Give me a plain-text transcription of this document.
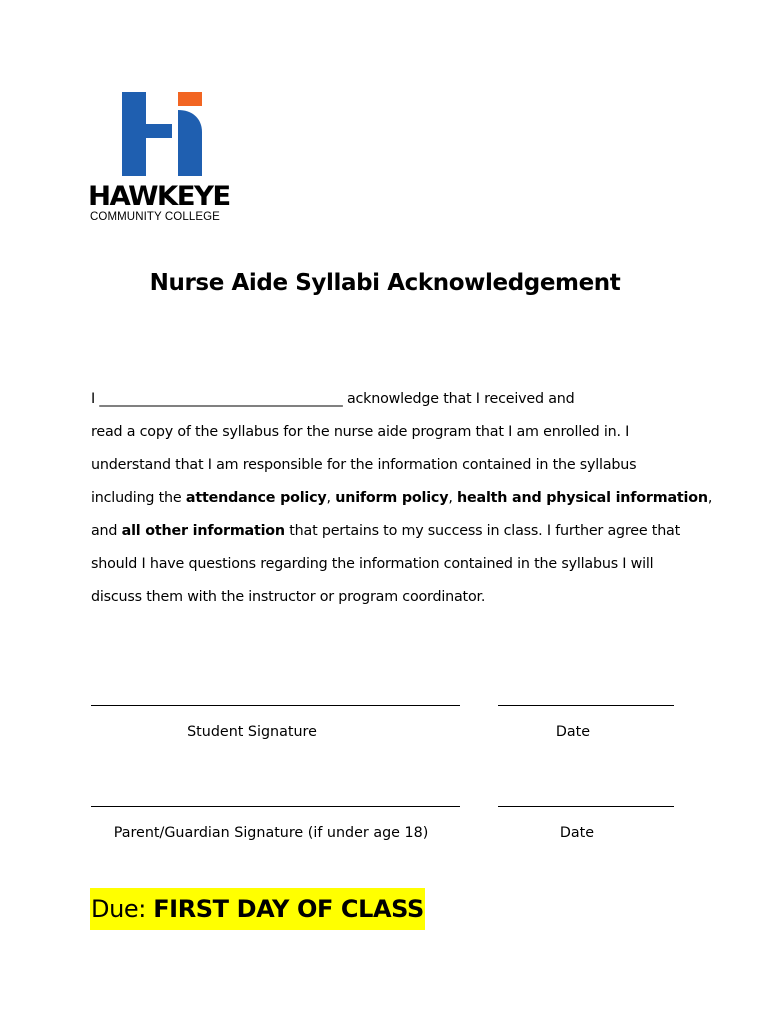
HAWKEYE
COMMUNITY COLLEGE
Nurse Aide Syllabi Acknowledgement

I ___________________________________ acknowledge that I received and

read a copy of the syllabus for the nurse aide program that I am enrolled in. I

understand that I am responsible for the information contained in the syllabus

including the attendance policy, uniform policy, health and physical information,

and all other information that pertains to my success in class. I further agree that

should I have questions regarding the information contained in the syllabus I will

discuss them with the instructor or program coordinator.

Student Signature	Date
Parent/Guardian Signature (if under age 18)	Date
Due: FIRST DAY OF CLASS
